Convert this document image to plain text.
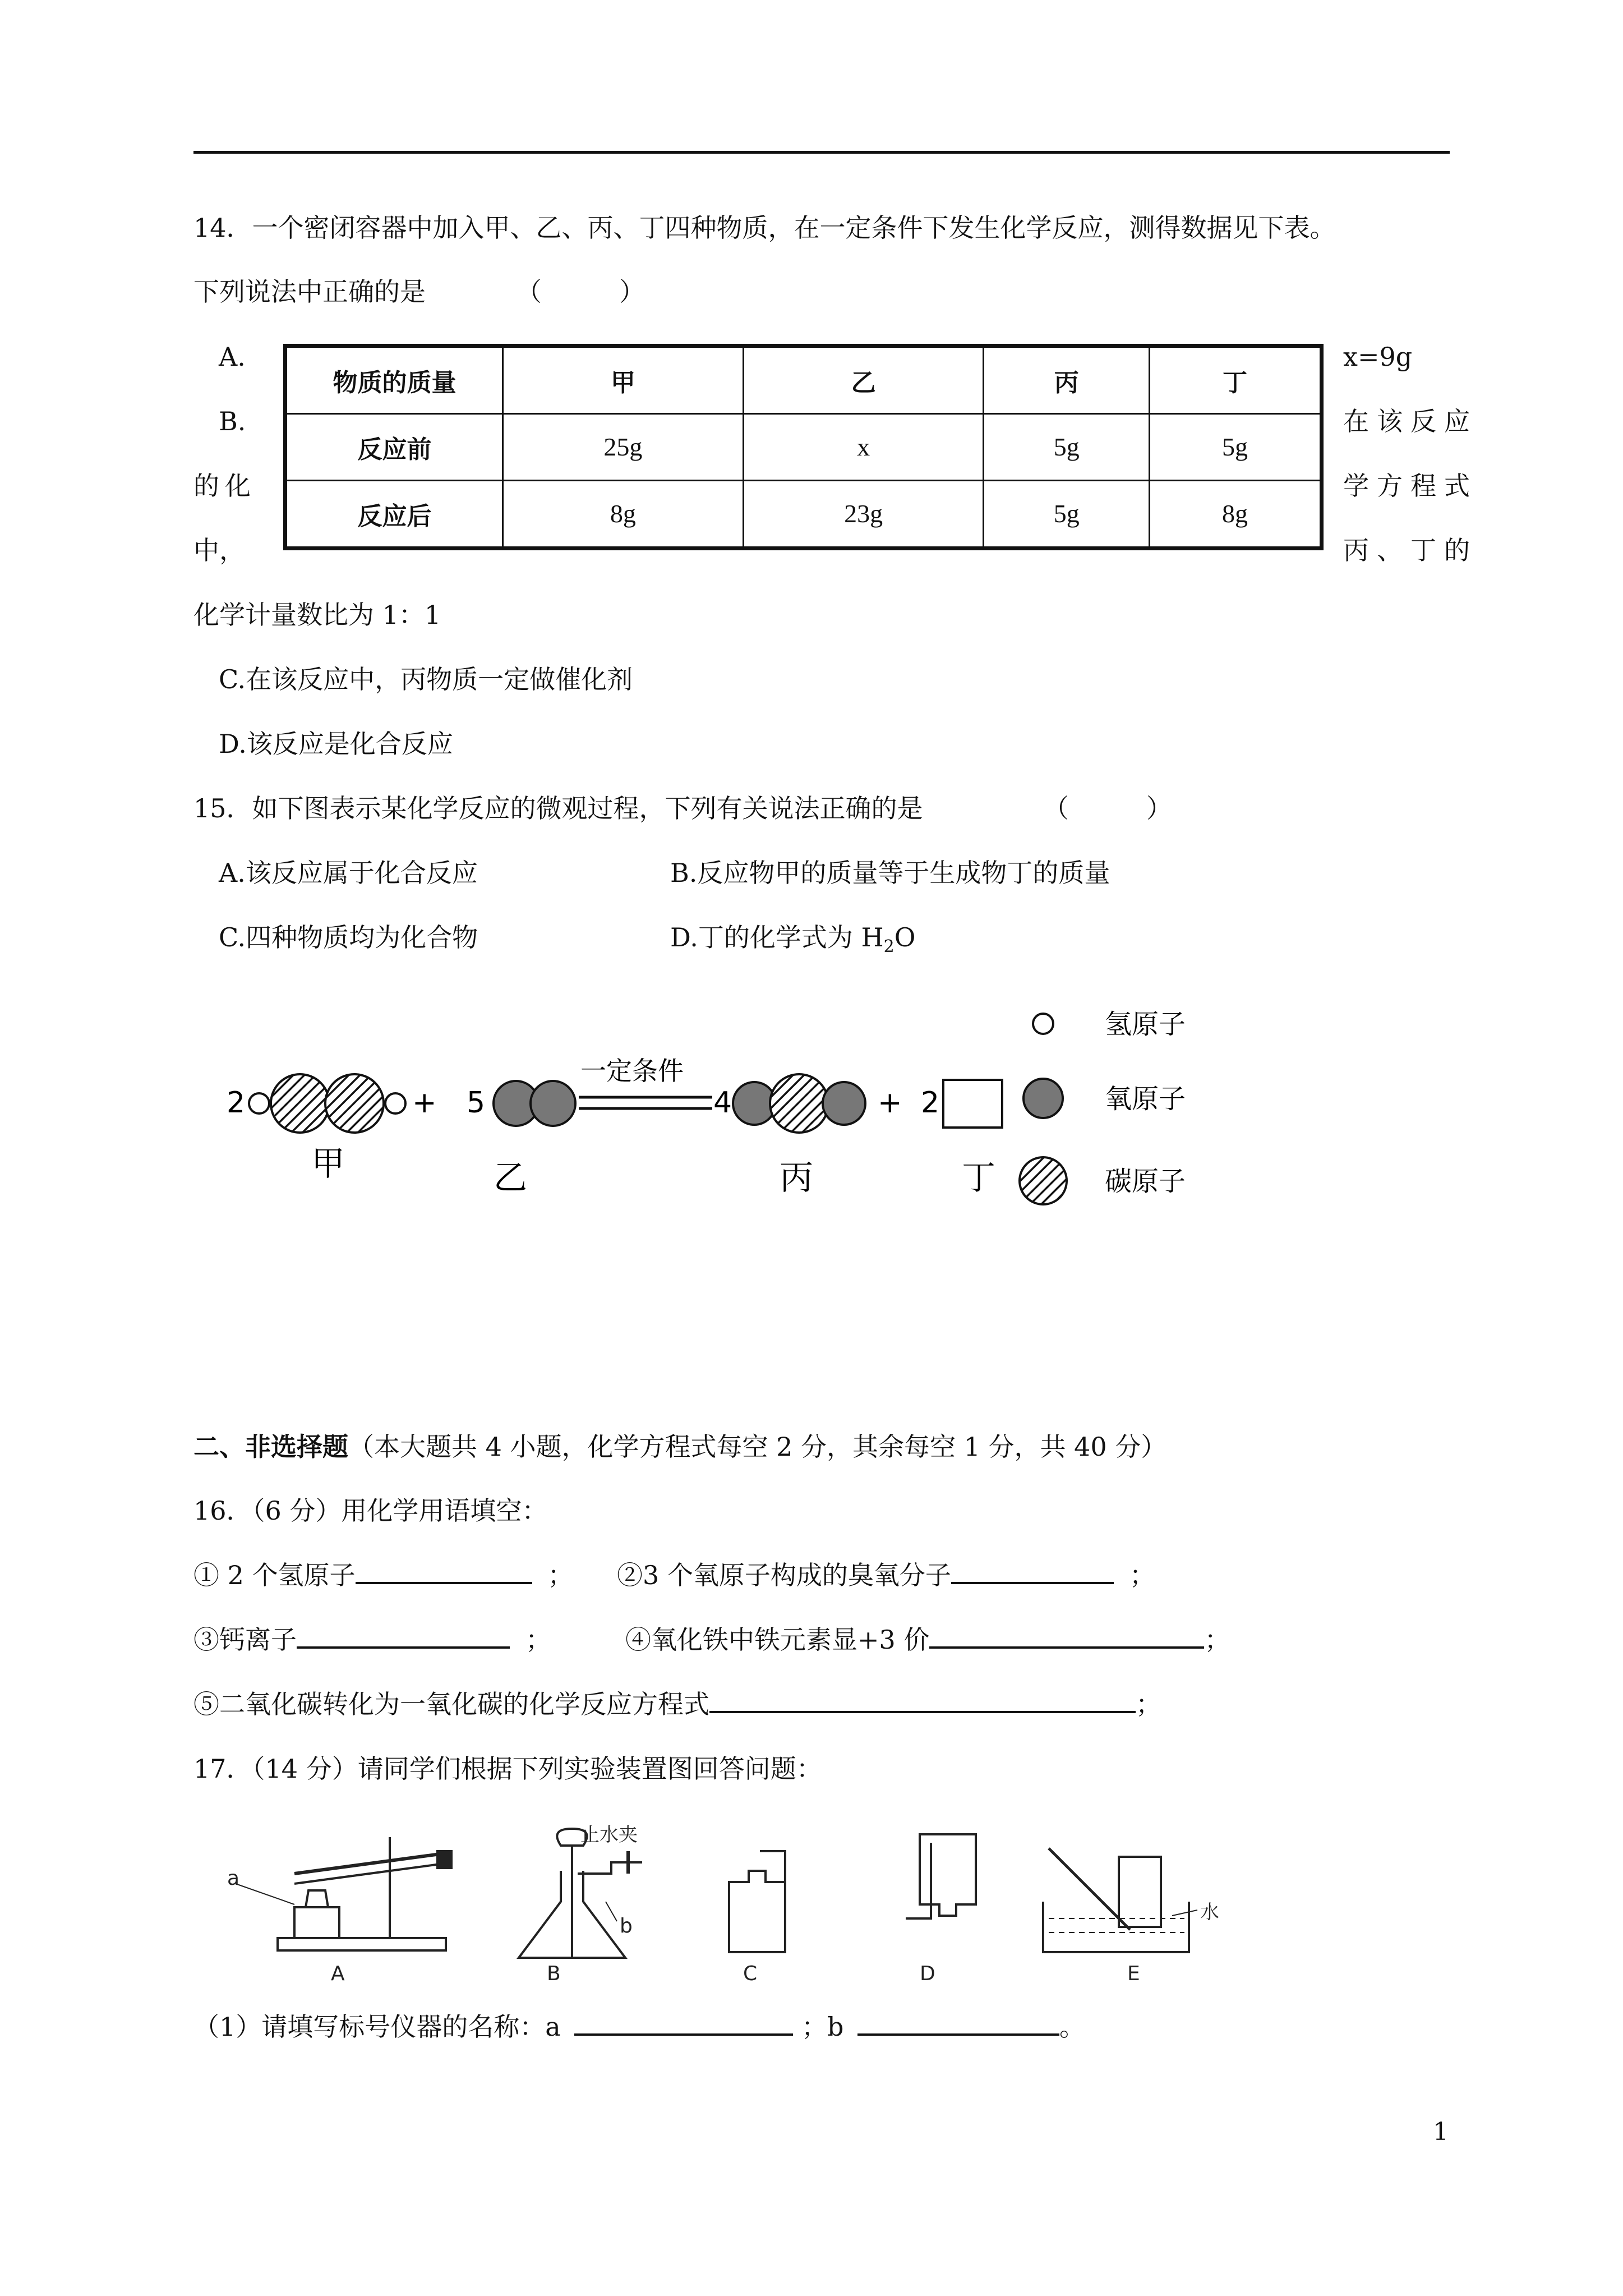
14．一个密闭容器中加入甲、乙、丙、丁四种物质，在一定条件下发生化学反应，测得数据见下表。
下列说法中正确的是	（　　　）
A.	x=9g
B.	在该反应
的化	学方程式
中，	丙、丁的
物质的质量	甲	乙	丙	丁
反应前	25g	x	5g	5g
反应后	8g	23g	5g	8g
化学计量数比为 1：1
C.在该反应中，丙物质一定做催化剂
D.该反应是化合反应
15．如下图表示某化学反应的微观过程，下列有关说法正确的是	（　　　）
A.该反应属于化合反应	B.反应物甲的质量等于生成物丁的质量
C.四种物质均为化合物	D.丁的化学式为 $H_2O$
2	+
甲
5
乙
一定条件
4
丙
+ 2
丁
氢原子
氧原子
碳原子
二、非选择题（本大题共 4 小题，化学方程式每空 2 分，其余每空 1 分，共 40 分）
16．（6 分）用化学用语填空：
① 2 个氢原子	； ②3 个氧原子构成的臭氧分子	；
③钙离子	；	④氧化铁中铁元素显+3 价	；
⑤二氧化碳转化为一氧化碳的化学反应方程式	；
17．（14 分）请同学们根据下列实验装置图回答问题：
a
b
止水夹
水
A	B	C	D	E
（1）请填写标号仪器的名称：a	；b	。
1
